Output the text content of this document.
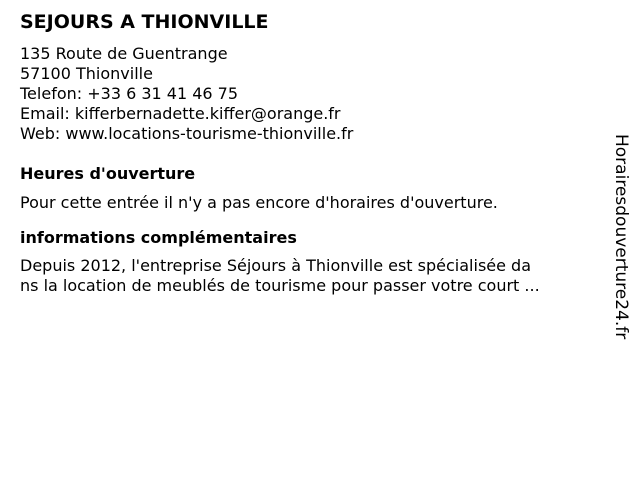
SEJOURS A THIONVILLE
135 Route de Guentrange
57100 Thionville
Telefon: +33 6 31 41 46 75
Email: kifferbernadette.kiffer@orange.fr
Web: www.locations-tourisme-thionville.fr
Heures d'ouverture
Pour cette entrée il n'y a pas encore d'horaires d'ouverture.
informations complémentaires
Depuis 2012, l'entreprise Séjours à Thionville est spécialisée da
ns la location de meublés de tourisme pour passer votre court ...	Horairesdouverture24.fr
